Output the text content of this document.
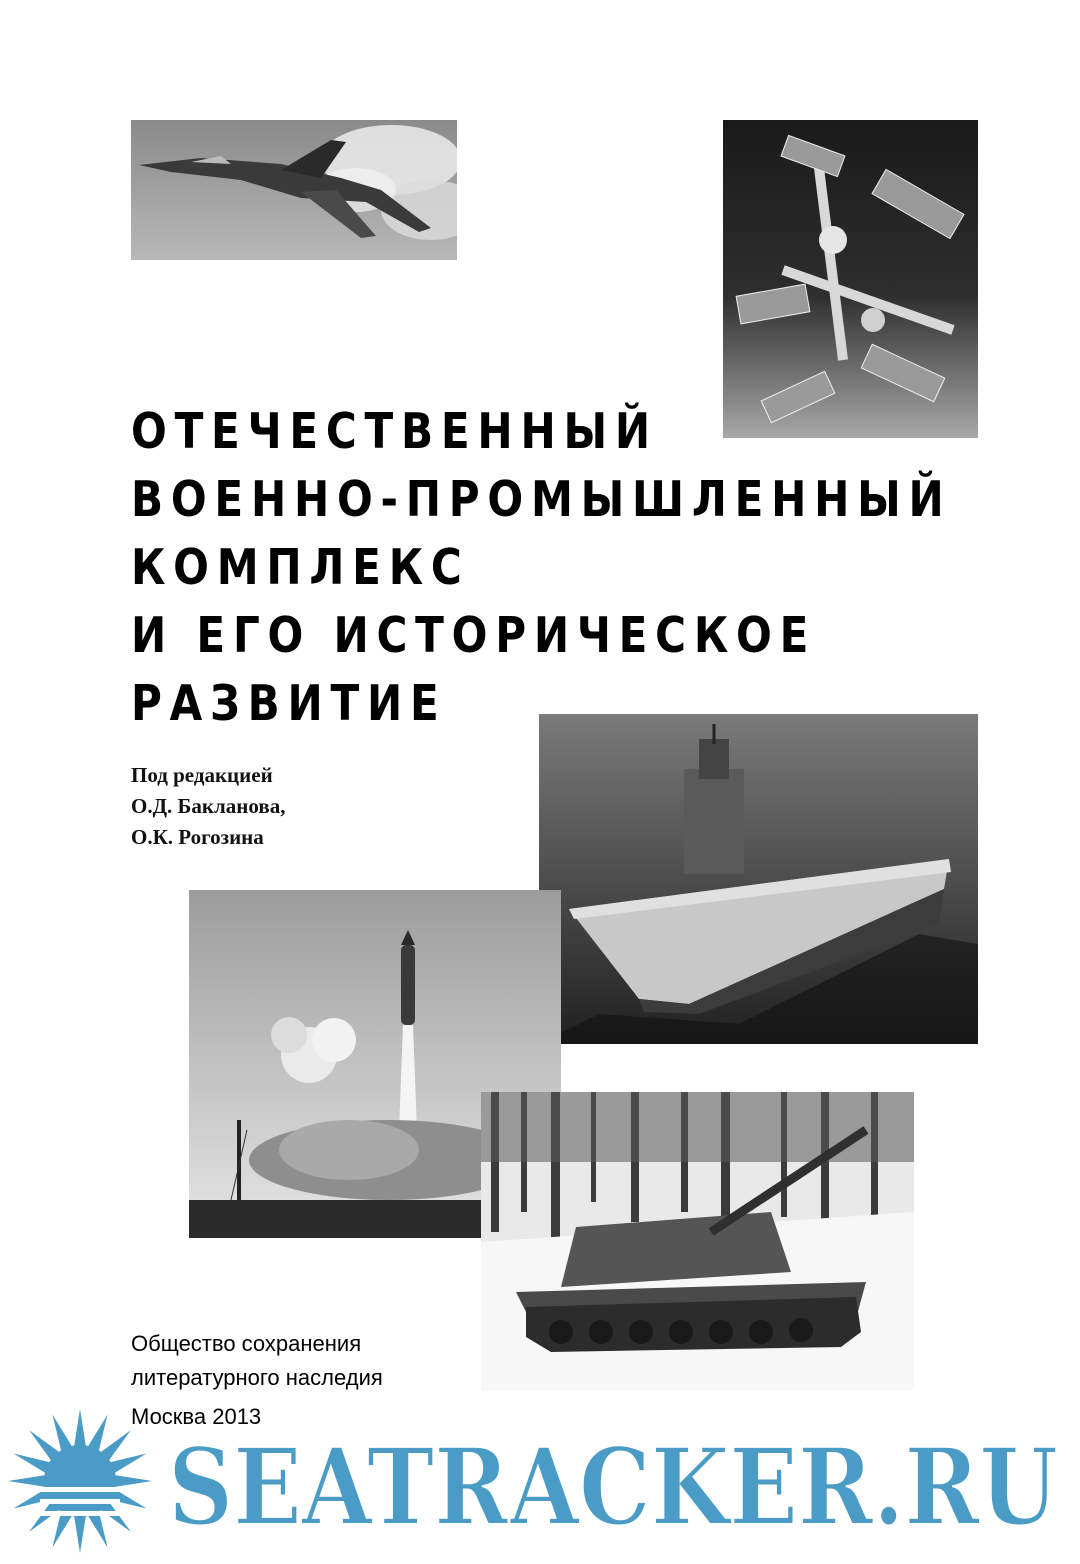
ОТЕЧЕСТВЕННЫЙ
ВОЕННО-ПРОМЫШЛЕННЫЙ
КОМПЛЕКС
И ЕГО ИСТОРИЧЕСКОЕ
РАЗВИТИЕ
Под редакцией
О.Д. Бакланова,
О.К. Рогозина
Общество сохранения
литературного наследия
Москва 2013
SEATRACKER.RU
